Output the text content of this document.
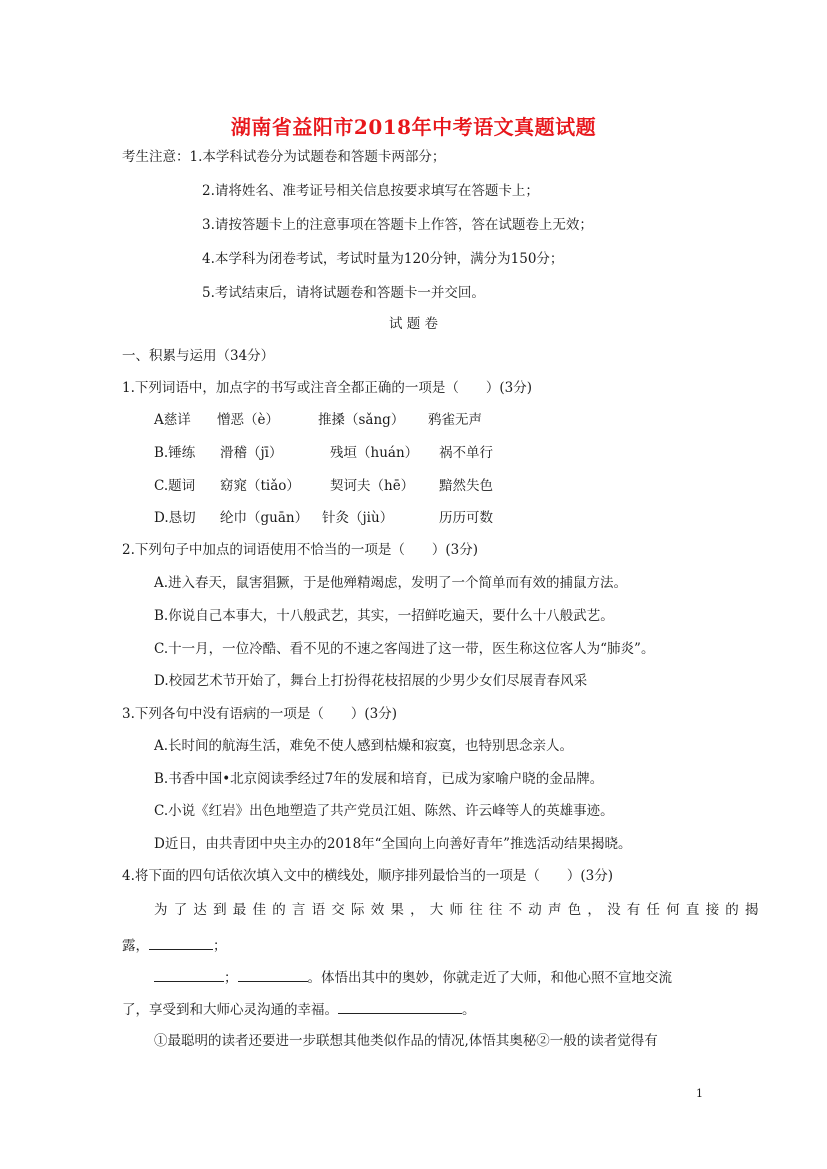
湖南省益阳市2018年中考语文真题试题
考生注意：1.本学科试卷分为试题卷和答题卡两部分；
2.请将姓名、准考证号相关信息按要求填写在答题卡上；
3.请按答题卡上的注意事项在答题卡上作答，答在试题卷上无效；
4.本学科为闭卷考试，考试时量为120分钟，满分为150分；
5.考试结束后，请将试题卷和答题卡一并交回。
试 题 卷
一、积累与运用（34分）
1.下列词语中，加点字的书写或注音全都正确的一项是（　　）(3分)
A慈详 憎恶（è）	推搡（sǎng） 鸦雀无声
B.锤练 滑稽（jī）	残垣（huán） 祸不单行
C.题词 窈窕（tiǎo） 契诃夫（hē） 黯然失色
D.恳切 纶巾（guān） 针灸（jiù）	历历可数
2.下列句子中加点的词语使用不恰当的一项是（　　）(3分)
A.进入春天，鼠害猖獗，于是他殚精竭虑，发明了一个简单而有效的捕鼠方法。
B.你说自己本事大，十八般武艺，其实，一招鲜吃遍天，要什么十八般武艺。
C.十一月，一位冷酷、看不见的不速之客闯进了这一带，医生称这位客人为“肺炎”。
D.校园艺术节开始了，舞台上打扮得花枝招展的少男少女们尽展青春风采
3.下列各句中没有语病的一项是（　　）(3分)
A.长时间的航海生活，难免不使人感到枯燥和寂寞，也特别思念亲人。
B.书香中国•北京阅读季经过7年的发展和培育，已成为家喻户晓的金品牌。
C.小说《红岩》出色地塑造了共产党员江姐、陈然、许云峰等人的英雄事迹。
D近日，由共青团中央主办的2018年“全国向上向善好青年”推选活动结果揭晓。
4.将下面的四句话依次填入文中的横线处，顺序排列最恰当的一项是（　　）(3分)
为了达到最佳的言语交际效果，大师往往不动声色，没有任何直接的揭
露，	；
；	。体悟出其中的奥妙，你就走近了大师，和他心照不宣地交流
了，享受到和大师心灵沟通的幸福。	。
①最聪明的读者还要进一步联想其他类似作品的情况,体悟其奥秘②一般的读者觉得有
1
